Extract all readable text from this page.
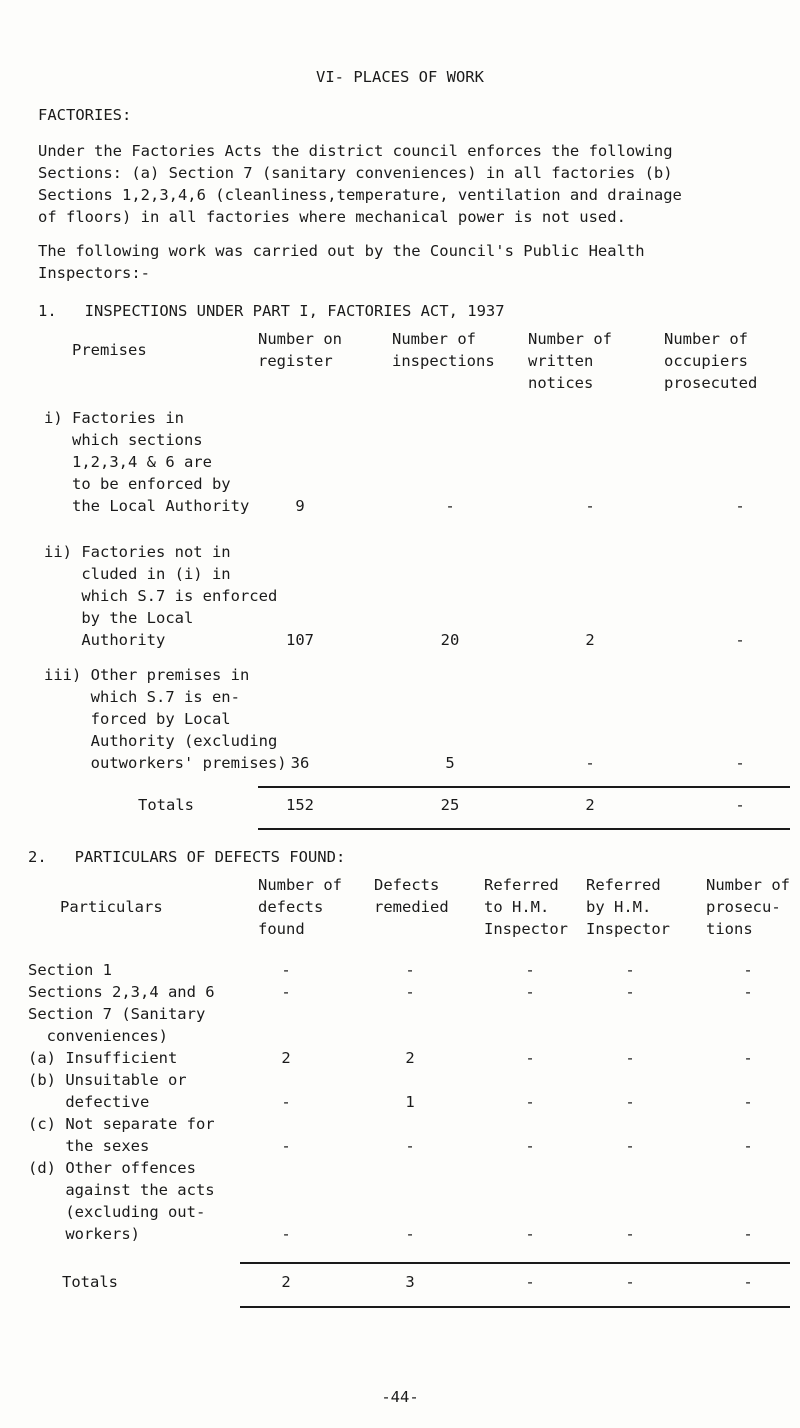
VI- PLACES OF WORK
FACTORIES:
Under the Factories Acts the district council enforces the following
Sections: (a) Section 7 (sanitary conveniences) in all factories (b)
Sections 1,2,3,4,6 (cleanliness,temperature, ventilation and drainage
of floors) in all factories where mechanical power is not used.
The following work was carried out by the Council's Public Health
Inspectors:-
1.   INSPECTIONS UNDER PART I, FACTORIES ACT, 1937
Premises
Number on
register
Number of
inspections
Number of
written
notices
Number of
occupiers
prosecuted
i) Factories in
which sections
1,2,3,4 & 6 are
to be enforced by
the Local Authority	9	-	-	-
ii) Factories not in
cluded in (i) in
which S.7 is enforced
by the Local
Authority	107	20	2	-
iii) Other premises in
which S.7 is en-
forced by Local
Authority (excluding
outworkers' premises) 36	5	-	-
Totals	152	25	2	-
2.   PARTICULARS OF DEFECTS FOUND:
Particulars
Number of
defects
found
Defects
remedied
Referred
to H.M.
Inspector
Referred
by H.M.
Inspector
Number of
prosecu-
tions
Section 1	-	-	-	-	-
Sections 2,3,4 and 6	-	-	-	-	-
Section 7 (Sanitary
conveniences)
(a) Insufficient	2	2	-	-	-
(b) Unsuitable or
defective	-	1	-	-	-
(c) Not separate for
the sexes	-	-	-	-	-
(d) Other offences
against the acts
(excluding out-
workers)	-	-	-	-	-
Totals	2	3	-	-	-
-44-
